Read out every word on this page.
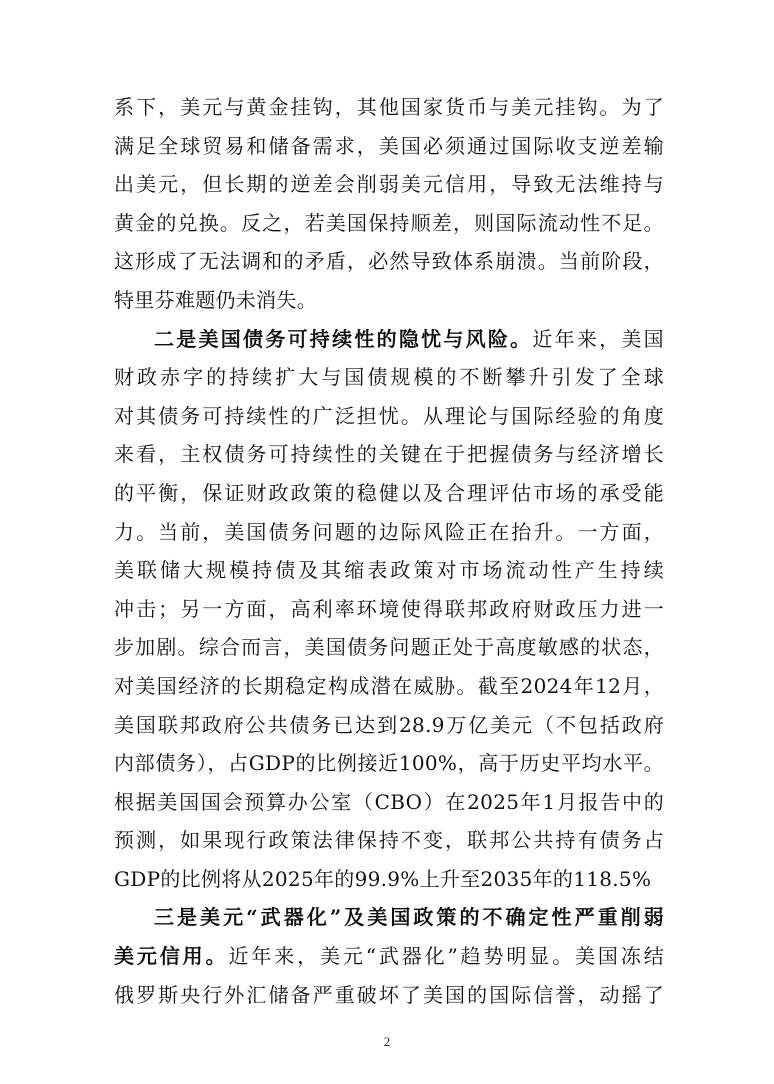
系下，美元与黄金挂钩，其他国家货币与美元挂钩。为了
满足全球贸易和储备需求，美国必须通过国际收支逆差输
出美元，但长期的逆差会削弱美元信用，导致无法维持与
黄金的兑换。反之，若美国保持顺差，则国际流动性不足。
这形成了无法调和的矛盾，必然导致体系崩溃。当前阶段，
特里芬难题仍未消失。
二是美国债务可持续性的隐忧与风险。近年来，美国
财政赤字的持续扩大与国债规模的不断攀升引发了全球
对其债务可持续性的广泛担忧。从理论与国际经验的角度
来看，主权债务可持续性的关键在于把握债务与经济增长
的平衡，保证财政政策的稳健以及合理评估市场的承受能
力。当前，美国债务问题的边际风险正在抬升。一方面，
美联储大规模持债及其缩表政策对市场流动性产生持续
冲击；另一方面，高利率环境使得联邦政府财政压力进一
步加剧。综合而言，美国债务问题正处于高度敏感的状态，
对美国经济的长期稳定构成潜在威胁。截至2024年12月，
美国联邦政府公共债务已达到28.9万亿美元（不包括政府
内部债务），占GDP的比例接近100%，高于历史平均水平。
根据美国国会预算办公室（CBO）在2025年1月报告中的
预测，如果现行政策法律保持不变，联邦公共持有债务占
GDP的比例将从2025年的99.9%上升至2035年的118.5%
三是美元“武器化”及美国政策的不确定性严重削弱
美元信用。近年来，美元“武器化”趋势明显。美国冻结
俄罗斯央行外汇储备严重破坏了美国的国际信誉，动摇了
2
